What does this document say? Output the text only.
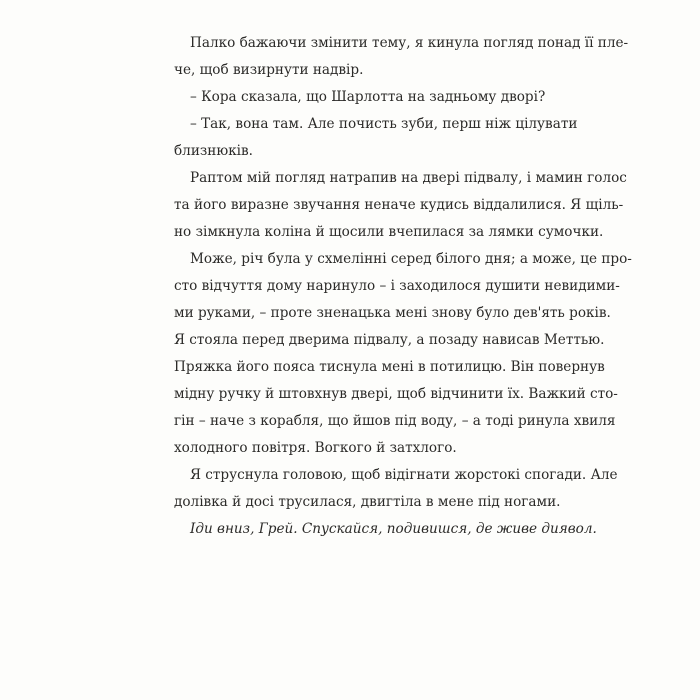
Палко бажаючи змінити тему, я кинула погляд понад її пле-
че, щоб визирнути надвір.
– Кора сказала, що Шарлотта на задньому дворі?
– Так, вона там. Але почисть зуби, перш ніж цілувати
близнюків.
Раптом мій погляд натрапив на двері підвалу, і мамин голос
та його виразне звучання неначе кудись віддалилися. Я щіль-
но зімкнула коліна й щосили вчепилася за лямки сумочки.
Може, річ була у схмелінні серед білого дня; а може, це про-
сто відчуття дому наринуло – і заходилося душити невидими-
ми руками, – проте зненацька мені знову було дев'ять років.
Я стояла перед дверима підвалу, а позаду нависав Меттью.
Пряжка його пояса тиснула мені в потилицю. Він повернув
мідну ручку й штовхнув двері, щоб відчинити їх. Важкий сто-
гін – наче з корабля, що йшов під воду, – а тоді ринула хвиля
холодного повітря. Вогкого й затхлого.
Я струснула головою, щоб відігнати жорстокі спогади. Але
долівка й досі трусилася, двигтіла в мене під ногами.
Іди вниз, Грей. Спускайся, подивишся, де живе диявол.
